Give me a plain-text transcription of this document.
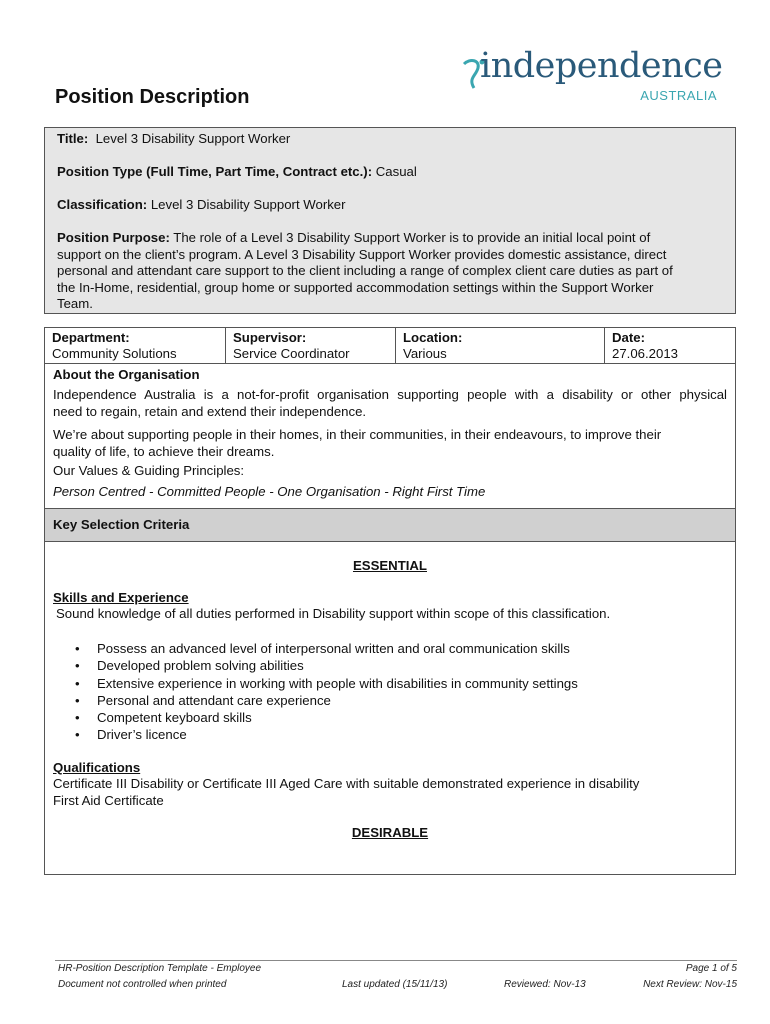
Position Description
independence
AUSTRALIA
Title: Level 3 Disability Support Worker
Position Type (Full Time, Part Time, Contract etc.): Casual
Classification: Level 3 Disability Support Worker
Position Purpose: The role of a Level 3 Disability Support Worker is to provide an initial local point of
support on the client’s program. A Level 3 Disability Support Worker provides domestic assistance, direct
personal and attendant care support to the client including a range of complex client care duties as part of
the In-Home, residential, group home or supported accommodation settings within the Support Worker
Team.
Department:
Community Solutions
Supervisor:
Service Coordinator
Location:
Various
Date:
27.06.2013
About the Organisation
Independence Australia is a not-for-profit organisation supporting people with a disability or other physical
need to regain, retain and extend their independence.
We’re about supporting people in their homes, in their communities, in their endeavours, to improve their
quality of life, to achieve their dreams.
Our Values & Guiding Principles:
Person Centred - Committed People - One Organisation - Right First Time
Key Selection Criteria
ESSENTIAL
Skills and Experience
Sound knowledge of all duties performed in Disability support within scope of this classification.
• Possess an advanced level of interpersonal written and oral communication skills
• Developed problem solving abilities
• Extensive experience in working with people with disabilities in community settings
• Personal and attendant care experience
• Competent keyboard skills
• Driver’s licence
Qualifications
Certificate III Disability or Certificate III Aged Care with suitable demonstrated experience in disability
First Aid Certificate
DESIRABLE
HR-Position Description Template - Employee
Document not controlled when printed	Last updated (15/11/13)	Reviewed: Nov-13
Page 1 of 5
Next Review: Nov-15
